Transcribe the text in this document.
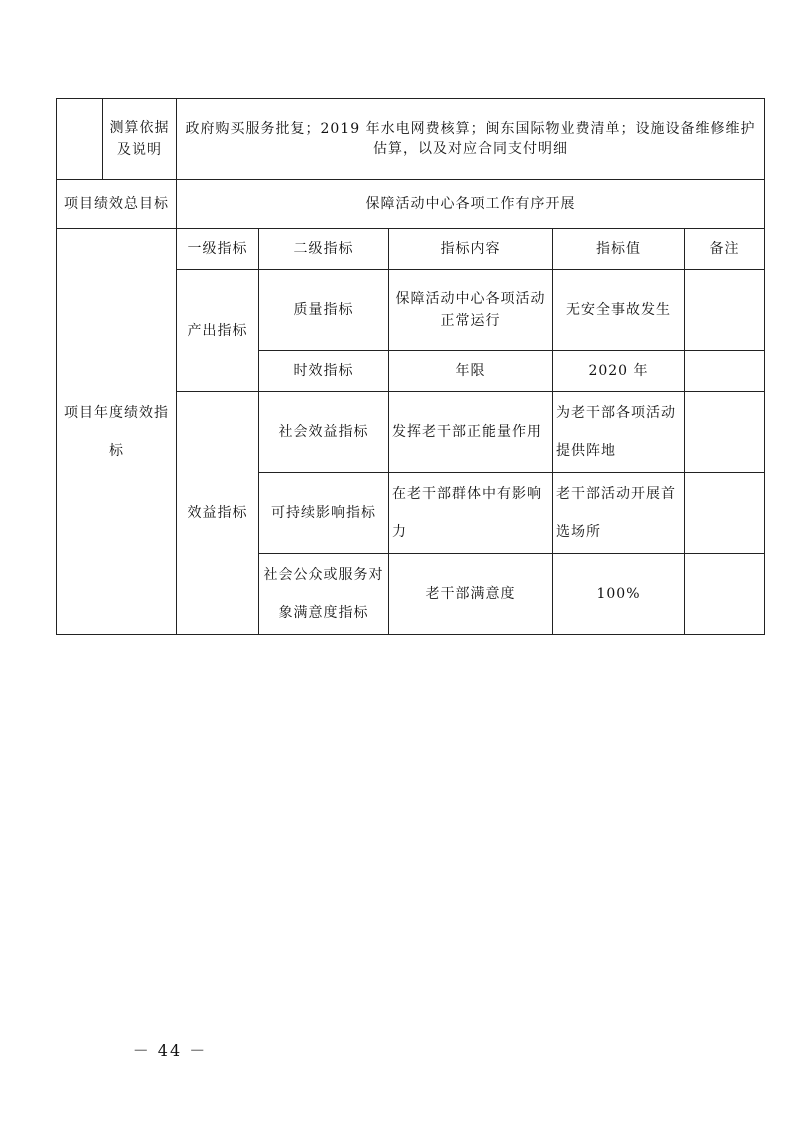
	测算依据及说明	政府购买服务批复；2019 年水电网费核算；闽东国际物业费清单；设施设备维修维护估算，以及对应合同支付明细				
项目绩效总目标		保障活动中心各项工作有序开展				
项目年度绩效指标		一级指标	二级指标	指标内容	指标值	备注
		产出指标	质量指标	保障活动中心各项活动正常运行	无安全事故发生	
			时效指标	年限	2020 年	
		效益指标	社会效益指标	发挥老干部正能量作用	为老干部各项活动提供阵地	
			可持续影响指标	在老干部群体中有影响力	老干部活动开展首选场所	
			社会公众或服务对象满意度指标	老干部满意度	100%	
－ 44 －
